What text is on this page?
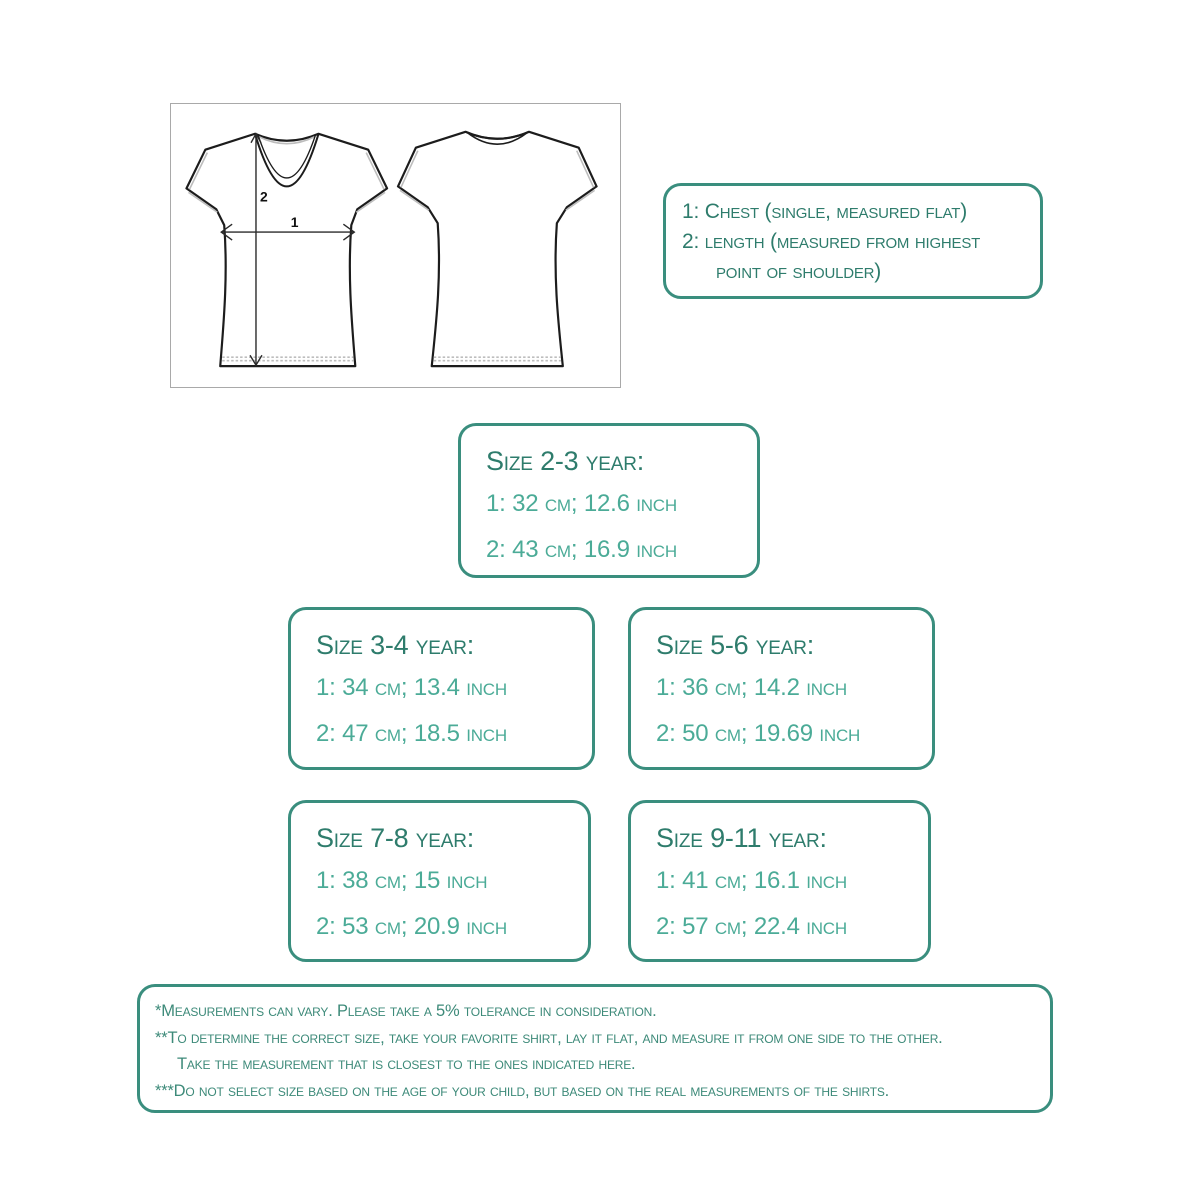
1
2
1: Chest (single, measured flat)
2: length (measured from highest point of shoulder)
Size 2-3 year:
1: 32 cm; 12.6 inch
2: 43 cm; 16.9 inch
Size 3-4 year:
1: 34 cm; 13.4 inch
2: 47 cm; 18.5 inch
Size 5-6 year:
1: 36 cm; 14.2 inch
2: 50 cm; 19.69 inch
Size 7-8 year:
1: 38 cm; 15 inch
2: 53 cm; 20.9 inch
Size 9-11 year:
1: 41 cm; 16.1 inch
2: 57 cm; 22.4 inch
*Measurements can vary. Please take a 5% tolerance in consideration.
**To determine the correct size, take your favorite shirt, lay it flat, and measure it from one side to the other.
Take the measurement that is closest to the ones indicated here.
***Do not select size based on the age of your child, but based on the real measurements of the shirts.
